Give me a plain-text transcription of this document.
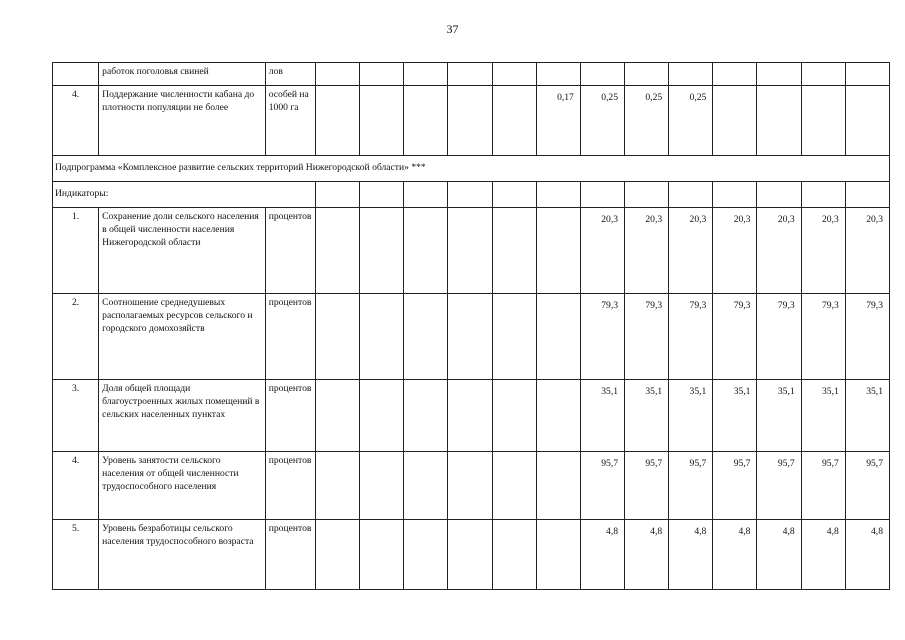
37
	работок поголовья свиней	лов													
4.	Поддержание численности кабана до плотности популяции не более	особей на 1000 га						0,17	0,25	0,25	0,25				
Подпрограмма «Комплексное развитие сельских территорий Нижегородской области» ***															
Индикаторы:															
1.	Сохранение доли сельского населения в общей численности населения Нижегородской области	процентов							20,3	20,3	20,3	20,3	20,3	20,3	20,3
2.	Соотношение среднедушевых располагаемых ресурсов сельского и городского домохозяйств	процентов							79,3	79,3	79,3	79,3	79,3	79,3	79,3
3.	Доля общей площади благоустроенных жилых помещений в сельских населенных пунктах	процентов							35,1	35,1	35,1	35,1	35,1	35,1	35,1
4.	Уровень занятости сельского населения от общей численности трудоспособного населения	процентов							95,7	95,7	95,7	95,7	95,7	95,7	95,7
5.	Уровень безработицы сельского населения трудоспособного возраста	процентов							4,8	4,8	4,8	4,8	4,8	4,8	4,8
